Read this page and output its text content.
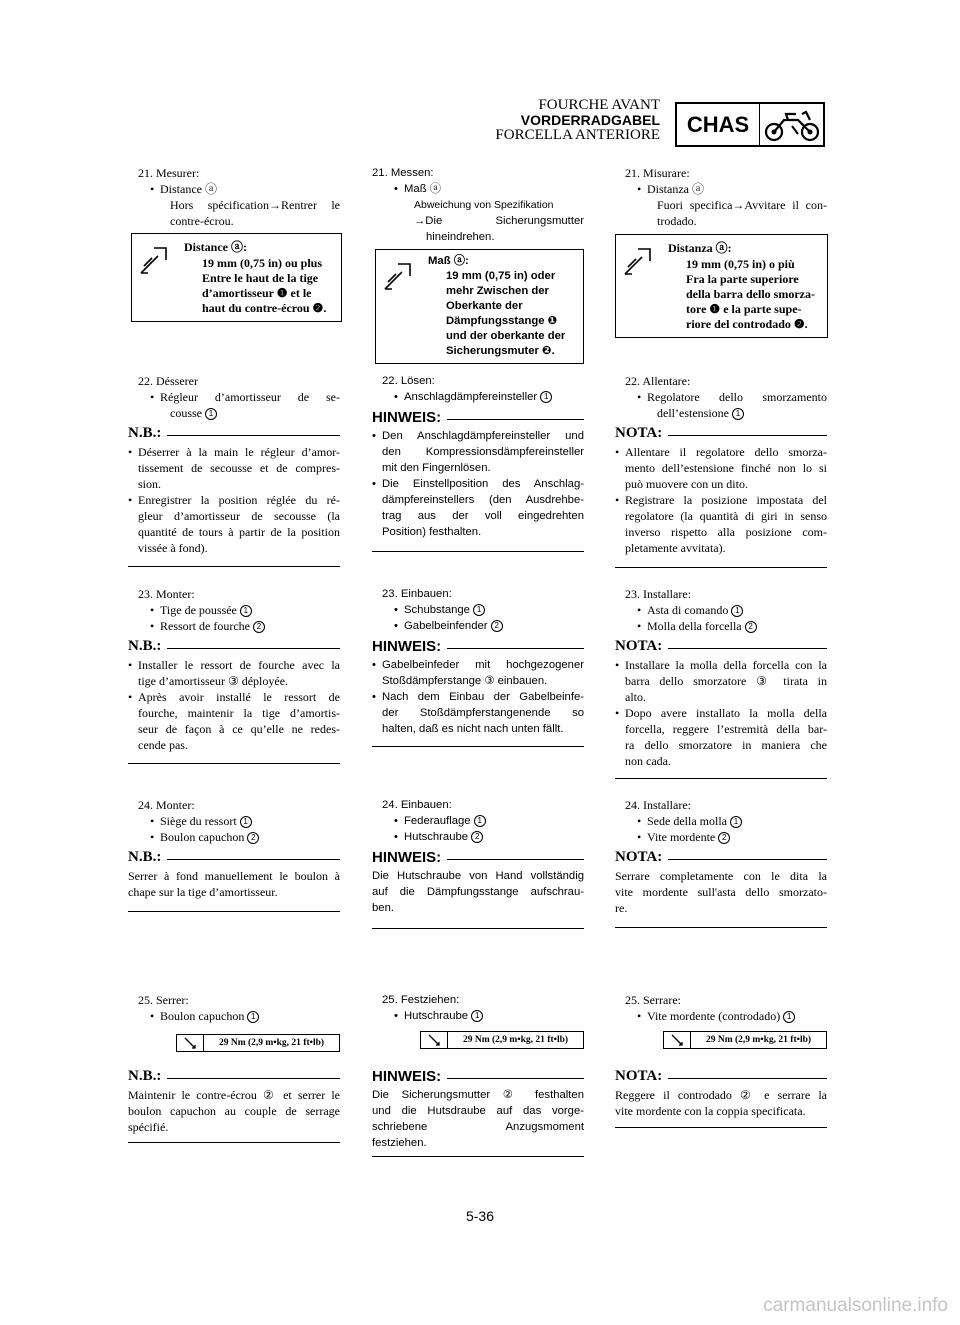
FOURCHE AVANT
VORDERRADGABEL
FORCELLA ANTERIORE	CHAS
21. Mesurer:
• Distance ⓐ
Hors spécification→Rentrer le
contre-écrou.
Distance ⓐ:
19 mm (0,75 in) ou plus
Entre le haut de la tige
d’amortisseur ❶ et le
haut du contre-écrou ❷.
22. Désserer
• Régleur d’amortisseur de se-
cousse 1
N.B.:
• Déserrer à la main le régleur d’amor-
tissement de secousse et de compres-
sion.
• Enregistrer la position réglée du ré-
gleur d’amortisseur de secousse (la
quantité de tours à partir de la position
vissée à fond).
23. Monter:
• Tige de poussée 1
• Ressort de fourche 2
N.B.:
• Installer le ressort de fourche avec la
tige d’amortisseur ③ déployée.
• Après avoir installé le ressort de
fourche, maintenir la tige d’amortis-
seur de façon à ce qu’elle ne redes-
cende pas.
24. Monter:
• Siège du ressort 1
• Boulon capuchon 2
N.B.:
Serrer à fond manuellement le boulon à
chape sur la tige d’amortisseur.
25. Serrer:
• Boulon capuchon 1
29 Nm (2,9 m•kg, 21 ft•lb)
N.B.:
Maintenir le contre-écrou ② et serrer le
boulon capuchon au couple de serrage
spécifié.
21. Messen:
• Maß ⓐ
Abweichung von Spezifikation
→Die Sicherungsmutter
hineindrehen.
Maß ⓐ:
19 mm (0,75 in) oder
mehr Zwischen der
Oberkante der
Dämpfungsstange ❶
und der oberkante der
Sicherungsmuter ❷.
22. Lösen:
• Anschlagdämpfereinsteller 1
HINWEIS:
• Den Anschlagdämpfereinsteller und
den Kompressionsdämpfereinsteller
mit den Fingernlösen.
• Die Einstellposition des Anschlag-
dämpfereinstellers (den Ausdrehbe-
trag aus der voll eingedrehten
Position) festhalten.
23. Einbauen:
• Schubstange 1
• Gabelbeinfender 2
HINWEIS:
• Gabelbeinfeder mit hochgezogener
Stoßdämpferstange ③ einbauen.
• Nach dem Einbau der Gabelbeinfe-
der Stoßdämpferstangenende so
halten, daß es nicht nach unten fällt.
24. Einbauen:
• Federauflage 1
• Hutschraube 2
HINWEIS:
Die Hutschraube von Hand vollständig
auf die Dämpfungsstange aufschrau-
ben.
25. Festziehen:
• Hutschraube 1
29 Nm (2,9 m•kg, 21 ft•lb)
HINWEIS:
Die Sicherungsmutter ② festhalten
und die Hutsdraube auf das vorge-
schriebene Anzugsmoment
festziehen.
21. Misurare:
• Distanza ⓐ
Fuori specifica→Avvitare il con-
trodado.
Distanza ⓐ:
19 mm (0,75 in) o più
Fra la parte superiore
della barra dello smorza-
tore ❶ e la parte supe-
riore del controdado ❷.
22. Allentare:
• Regolatore dello smorzamento
dell’estensione 1
NOTA:
• Allentare il regolatore dello smorza-
mento dell’estensione finché non lo si
può muovere con un dito.
• Registrare la posizione impostata del
regolatore (la quantità di giri in senso
inverso rispetto alla posizione com-
pletamente avvitata).
23. Installare:
• Asta di comando 1
• Molla della forcella 2
NOTA:
• Installare la molla della forcella con la
barra dello smorzatore ③ tirata in
alto.
• Dopo avere installato la molla della
forcella, reggere l’estremità della bar-
ra dello smorzatore in maniera che
non cada.
24. Installare:
• Sede della molla 1
• Vite mordente 2
NOTA:
Serrare completamente con le dita la
vite mordente sull'asta dello smorzato-
re.
25. Serrare:
• Vite mordente (controdado) 1
29 Nm (2,9 m•kg, 21 ft•lb)
NOTA:
Reggere il controdado ② e serrare la
vite mordente con la coppia specificata.
5-36
carmanualsonline.info
